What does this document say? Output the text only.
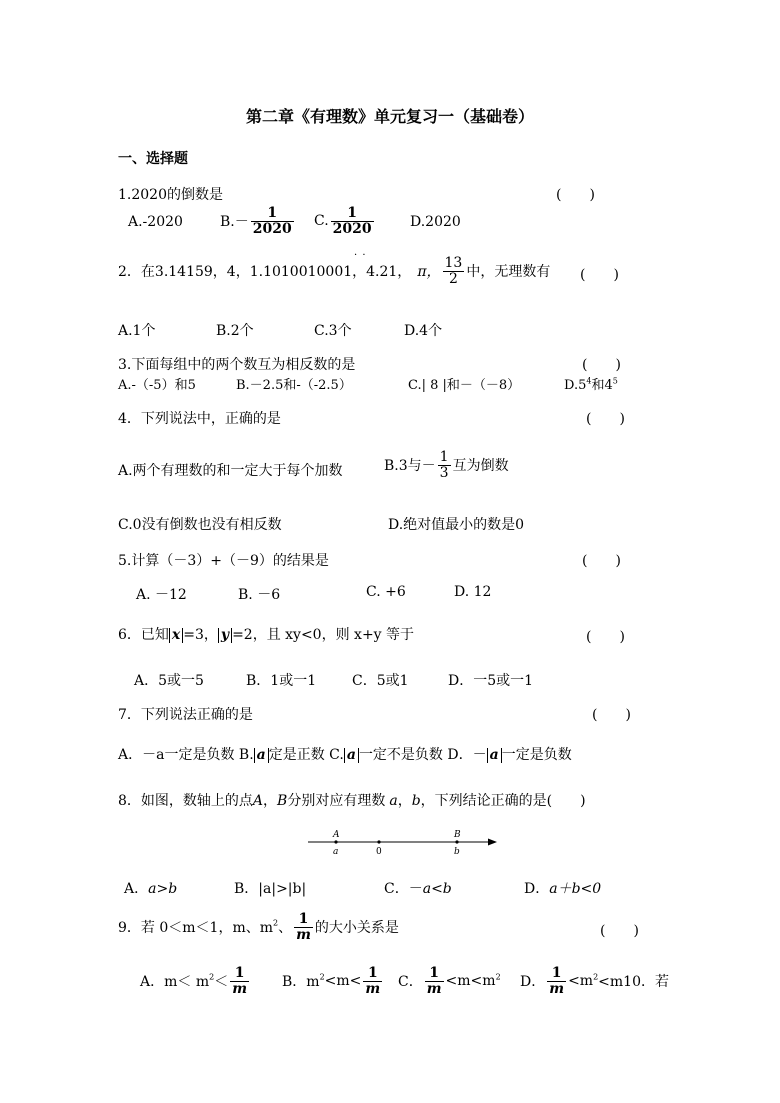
第二章《有理数》单元复习一（基础卷）
一、选择题
1.2020的倒数是	(　　)
A.-2020	$B.- \frac{1}{2020} C$. $\frac{1}{2020}$	D.2020
· ·
2．在3.14159，4，1.1010010001，4.21， π， $\frac{13}{2}$ 中，无理数有 (　　)
A.1个	B.2个	C.3个	D.4个
3.下面每组中的两个数互为相反数的是	(　　)
A.-（-5）和5	B.－2.5和-（-2.5）	C.| 8 |和－（－8）	$D.5^4$和$4^5$
4．下列说法中，正确的是	(　　)
A.两个有理数的和一定大于每个加数	B.3与－ $\frac{1}{3}$ 互为倒数
C.0没有倒数也没有相反数	D.绝对值最小的数是0
5.计算（－3）+（－9）的结果是	(　　)
A. －12	B. －6	C. +6	D. 12
6．已知 x =3， y =2，且 xy<0，则 x+y 等于	(　　)
A．5或一5	B．1或一1	C．5或1	D．一5或一1
7．下列说法正确的是	(　　)
A．－a一定是负数 B. a 定是正数 C. a 一定不是负数 D．－ a 一定是负数
8．如图，数轴上的点A，B分别对应有理数 a，b，下列结论正确的是(　　)
A
a	0
B
b
A．a>b	B．|a|>|b|	C．－a<b	D．a＋b<0
9．若 0＜m＜1，m、$m^2$、 $\frac{1}{m}$ 的大小关系是	(　　)
A．$m< m^2< \frac{1}{m}$ B．$m^2<m< \frac{1}{m}$ C． $\frac{1}{m} <m<m^2$ D． $\frac{1}{m} <m^2<m10$．若
